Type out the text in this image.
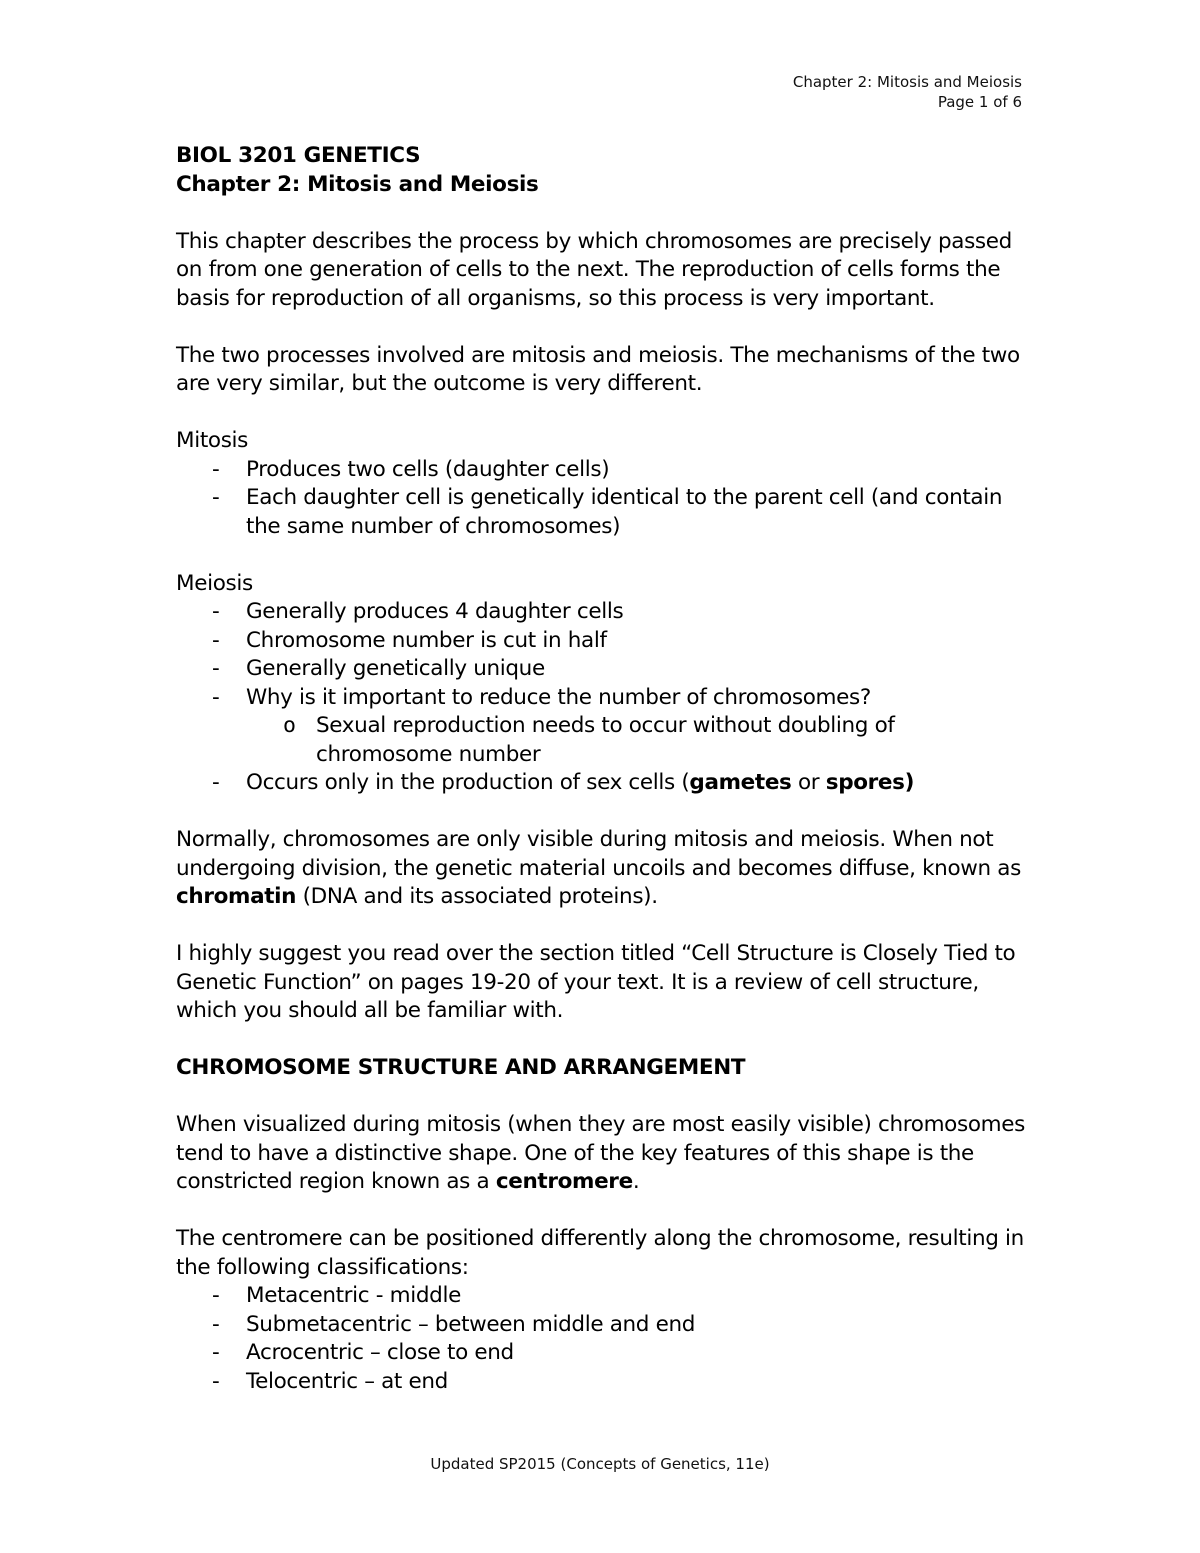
Chapter 2: Mitosis and Meiosis
Page 1 of 6

BIOL 3201 GENETICS

Chapter 2: Mitosis and Meiosis

This chapter describes the process by which chromosomes are precisely passed on from one generation of cells to the next. The reproduction of cells forms the basis for reproduction of all organisms, so this process is very important.

The two processes involved are mitosis and meiosis. The mechanisms of the two are very similar, but the outcome is very different.

Mitosis

- Produces two cells (daughter cells)
- Each daughter cell is genetically identical to the parent cell (and contain the same number of chromosomes)

Meiosis

- Generally produces 4 daughter cells
- Chromosome number is cut in half
- Generally genetically unique
- Why is it important to reduce the number of chromosomes?
o Sexual reproduction needs to occur without doubling of chromosome number
- Occurs only in the production of sex cells (gametes or spores)

Normally, chromosomes are only visible during mitosis and meiosis. When not undergoing division, the genetic material uncoils and becomes diffuse, known as chromatin (DNA and its associated proteins).

I highly suggest you read over the section titled “Cell Structure is Closely Tied to Genetic Function” on pages 19-20 of your text. It is a review of cell structure, which you should all be familiar with.

CHROMOSOME STRUCTURE AND ARRANGEMENT

When visualized during mitosis (when they are most easily visible) chromosomes tend to have a distinctive shape. One of the key features of this shape is the constricted region known as a centromere.

The centromere can be positioned differently along the chromosome, resulting in the following classifications:

- Metacentric - middle
- Submetacentric – between middle and end
- Acrocentric – close to end
- Telocentric – at end
Updated SP2015 (Concepts of Genetics, 11e)
